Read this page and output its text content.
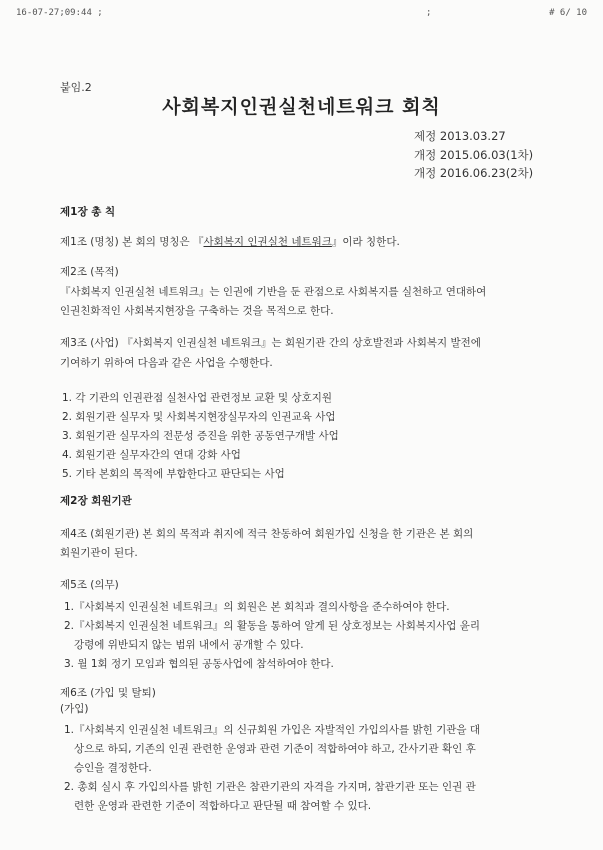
16-07-27;09:44 ;	;	# 6/ 10
붙임.2
사회복지인권실천네트워크 회칙
제정 2013.03.27
개정 2015.06.03(1차)
개정 2016.06.23(2차)
제1장 총 칙
제1조 (명칭) 본 회의 명칭은 『사회복지 인권실천 네트워크』이라 칭한다.
제2조 (목적)
『사회복지 인권실천 네트워크』는 인권에 기반을 둔 관점으로 사회복지를 실천하고 연대하여
인권친화적인 사회복지현장을 구축하는 것을 목적으로 한다.
제3조 (사업) 『사회복지 인권실천 네트워크』는 회원기관 간의 상호발전과 사회복지 발전에
기여하기 위하여 다음과 같은 사업을 수행한다.
1. 각 기관의 인권관점 실천사업 관련정보 교환 및 상호지원
2. 회원기관 실무자 및 사회복지현장실무자의 인권교육 사업
3. 회원기관 실무자의 전문성 증진을 위한 공동연구개발 사업
4. 회원기관 실무자간의 연대 강화 사업
5. 기타 본회의 목적에 부합한다고 판단되는 사업
제2장 회원기관
제4조 (회원기관) 본 회의 목적과 취지에 적극 찬동하여 회원가입 신청을 한 기관은 본 회의
회원기관이 된다.
제5조 (의무)
1.『사회복지 인권실천 네트워크』의 회원은 본 회칙과 결의사항을 준수하여야 한다.
2.『사회복지 인권실천 네트워크』의 활동을 통하여 알게 된 상호정보는 사회복지사업 윤리
강령에 위반되지 않는 범위 내에서 공개할 수 있다.
3. 월 1회 정기 모임과 협의된 공동사업에 참석하여야 한다.
제6조 (가입 및 탈퇴)
(가입)
1.『사회복지 인권실천 네트워크』의 신규회원 가입은 자발적인 가입의사를 밝힌 기관을 대
상으로 하되, 기존의 인권 관련한 운영과 관련 기준이 적합하여야 하고, 간사기관 확인 후
승인을 결정한다.
2. 총회 실시 후 가입의사를 밝힌 기관은 참관기관의 자격을 가지며, 참관기관 또는 인권 관
련한 운영과 관련한 기준이 적합하다고 판단될 때 참여할 수 있다.
